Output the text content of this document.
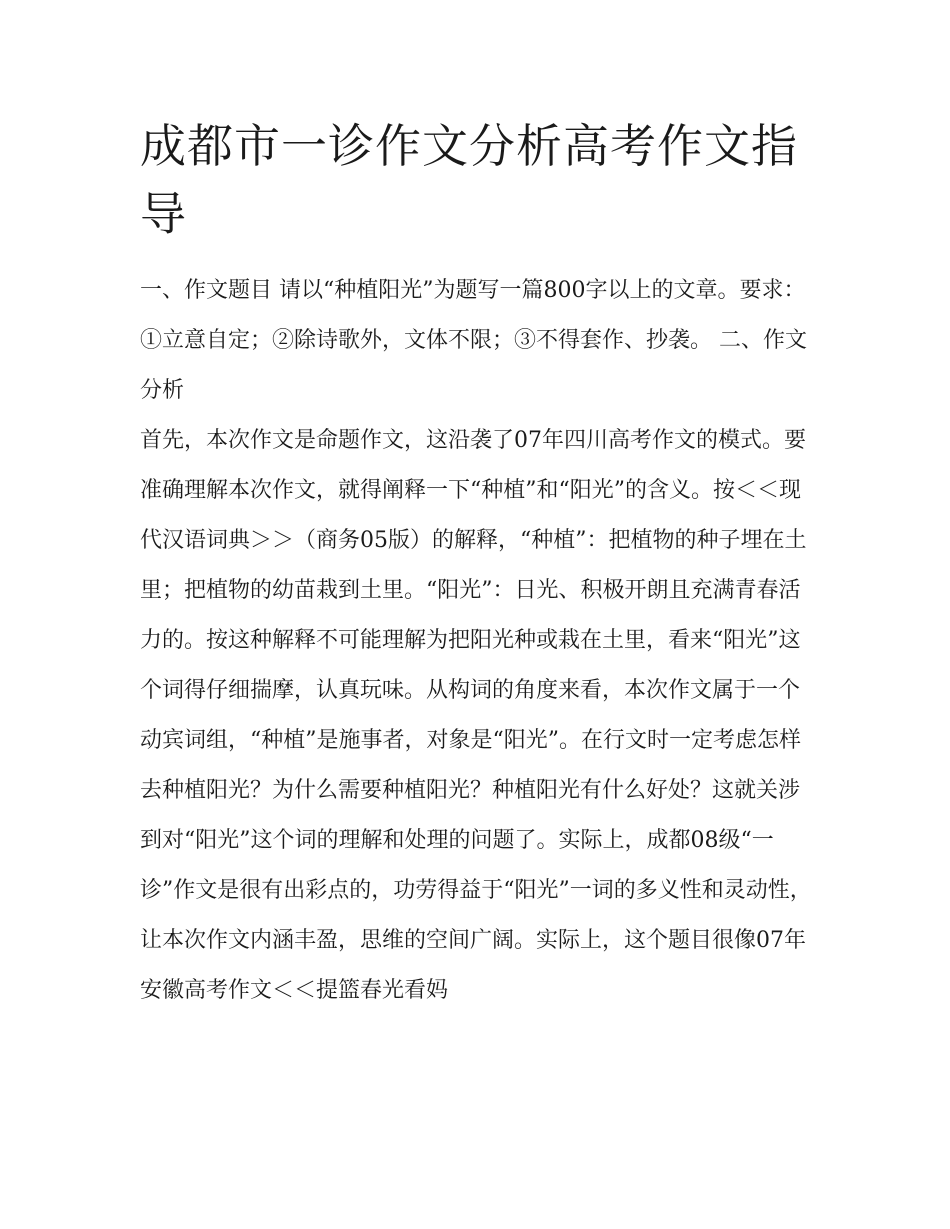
成都市一诊作文分析高考作文指导

一、作文题目 请以“种植阳光”为题写一篇800字以上的文章。要求：①立意自定；②除诗歌外，文体不限；③不得套作、抄袭。 二、作文分析

首先，本次作文是命题作文，这沿袭了07年四川高考作文的模式。要准确理解本次作文，就得阐释一下“种植”和“阳光”的含义。按＜＜现代汉语词典＞＞（商务05版）的解释，“种植”：把植物的种子埋在土里；把植物的幼苗栽到土里。“阳光”：日光、积极开朗且充满青春活力的。按这种解释不可能理解为把阳光种或栽在土里，看来“阳光”这个词得仔细揣摩，认真玩味。从构词的角度来看，本次作文属于一个动宾词组，“种植”是施事者，对象是“阳光”。在行文时一定考虑怎样去种植阳光？为什么需要种植阳光？种植阳光有什么好处？这就关涉到对“阳光”这个词的理解和处理的问题了。实际上，成都08级“一诊”作文是很有出彩点的，功劳得益于“阳光”一词的多义性和灵动性，让本次作文内涵丰盈，思维的空间广阔。实际上，这个题目很像07年安徽高考作文＜＜提篮春光看妈
